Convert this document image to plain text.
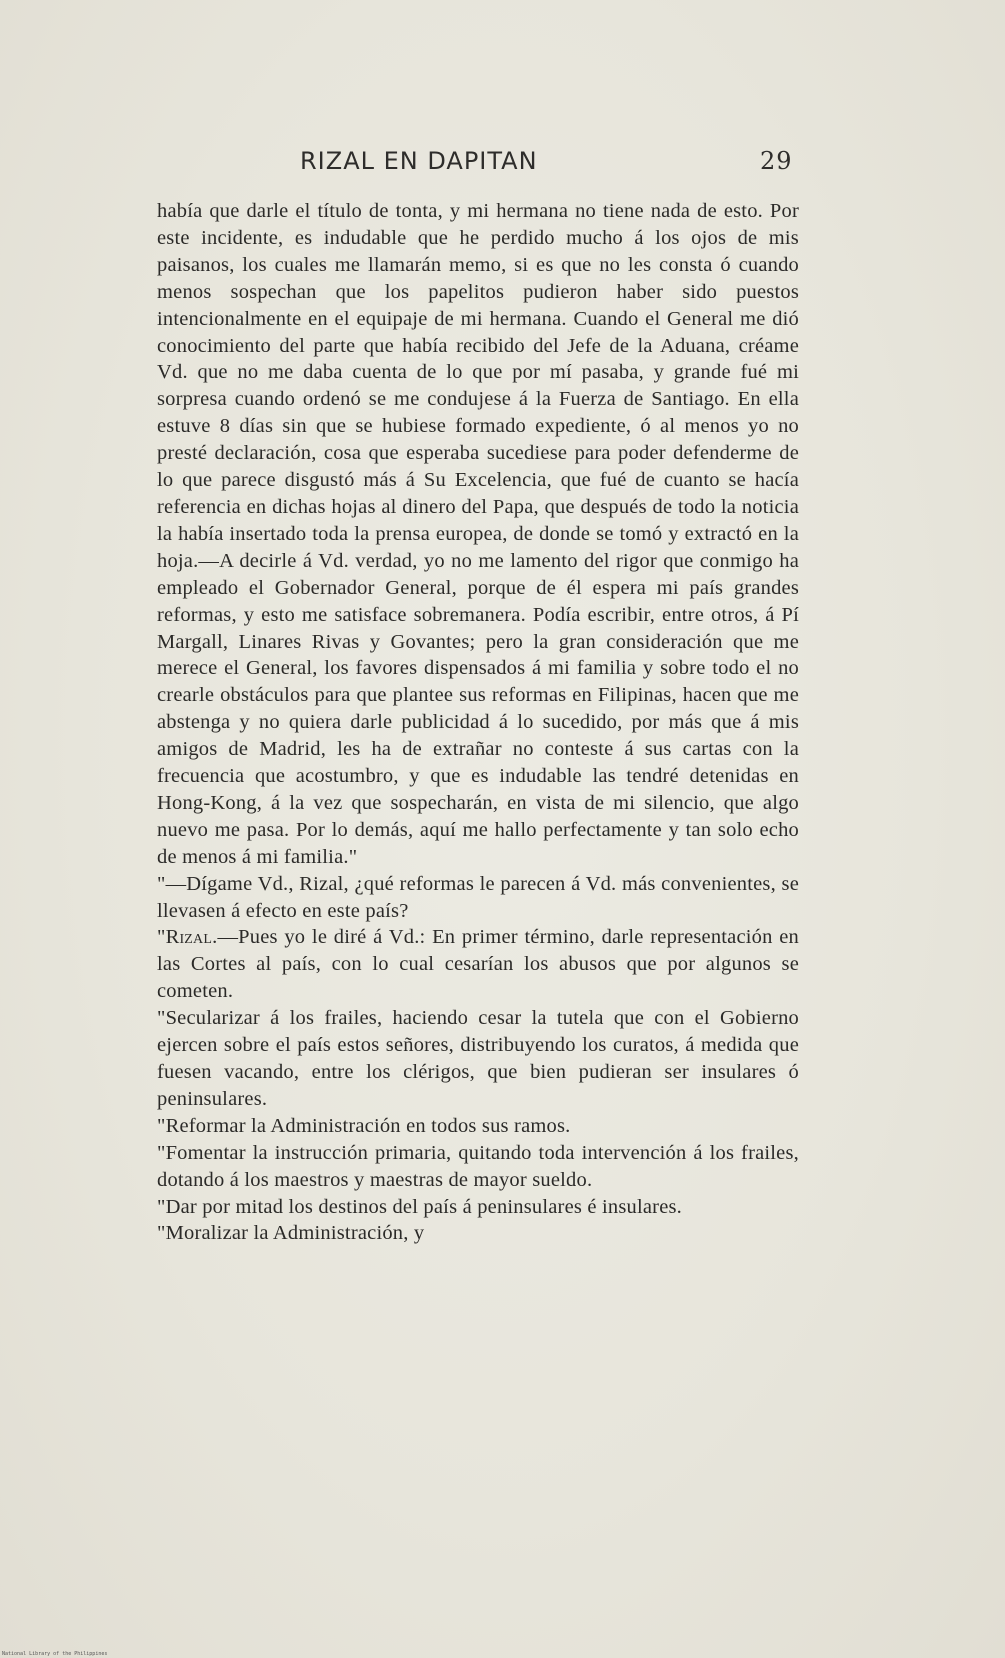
RIZAL EN DAPITAN	29

había que darle el título de tonta, y mi hermana no tiene nada de esto. Por este incidente, es indudable que he perdido mucho á los ojos de mis paisanos, los cuales me llamarán memo, si es que no les consta ó cuando menos sospechan que los papelitos pudieron haber sido puestos intencionalmente en el equipaje de mi hermana. Cuando el General me dió conocimiento del parte que había recibido del Jefe de la Aduana, créame Vd. que no me daba cuenta de lo que por mí pasaba, y grande fué mi sorpresa cuando ordenó se me condujese á la Fuerza de Santiago. En ella estuve 8 días sin que se hubiese formado expediente, ó al menos yo no presté declaración, cosa que esperaba sucediese para poder defenderme de lo que parece disgustó más á Su Excelencia, que fué de cuanto se hacía referencia en dichas hojas al dinero del Papa, que después de todo la noticia la había insertado toda la prensa europea, de donde se tomó y extractó en la hoja.—A decirle á Vd. verdad, yo no me lamento del rigor que conmigo ha empleado el Gobernador General, porque de él espera mi país grandes reformas, y esto me satisface sobremanera. Podía escribir, entre otros, á Pí Margall, Linares Rivas y Govantes; pero la gran consideración que me merece el General, los favores dispensados á mi familia y sobre todo el no crearle obstáculos para que plantee sus reformas en Filipinas, hacen que me abstenga y no quiera darle publicidad á lo sucedido, por más que á mis amigos de Madrid, les ha de extrañar no conteste á sus cartas con la frecuencia que acostumbro, y que es indudable las tendré detenidas en Hong-Kong, á la vez que sospecharán, en vista de mi silencio, que algo nuevo me pasa. Por lo demás, aquí me hallo perfectamente y tan solo echo de menos á mi familia."

"—Dígame Vd., Rizal, ¿qué reformas le parecen á Vd. más convenientes, se llevasen á efecto en este país?

"Rizal.—Pues yo le diré á Vd.: En primer término, darle representación en las Cortes al país, con lo cual cesarían los abusos que por algunos se cometen.

"Secularizar á los frailes, haciendo cesar la tutela que con el Gobierno ejercen sobre el país estos señores, distribuyendo los curatos, á medida que fuesen vacando, entre los clérigos, que bien pudieran ser insulares ó peninsulares.

"Reformar la Administración en todos sus ramos.

"Fomentar la instrucción primaria, quitando toda intervención á los frailes, dotando á los maestros y maestras de mayor sueldo.

"Dar por mitad los destinos del país á peninsulares é insulares.

"Moralizar la Administración, y

National Library of the Philippines
